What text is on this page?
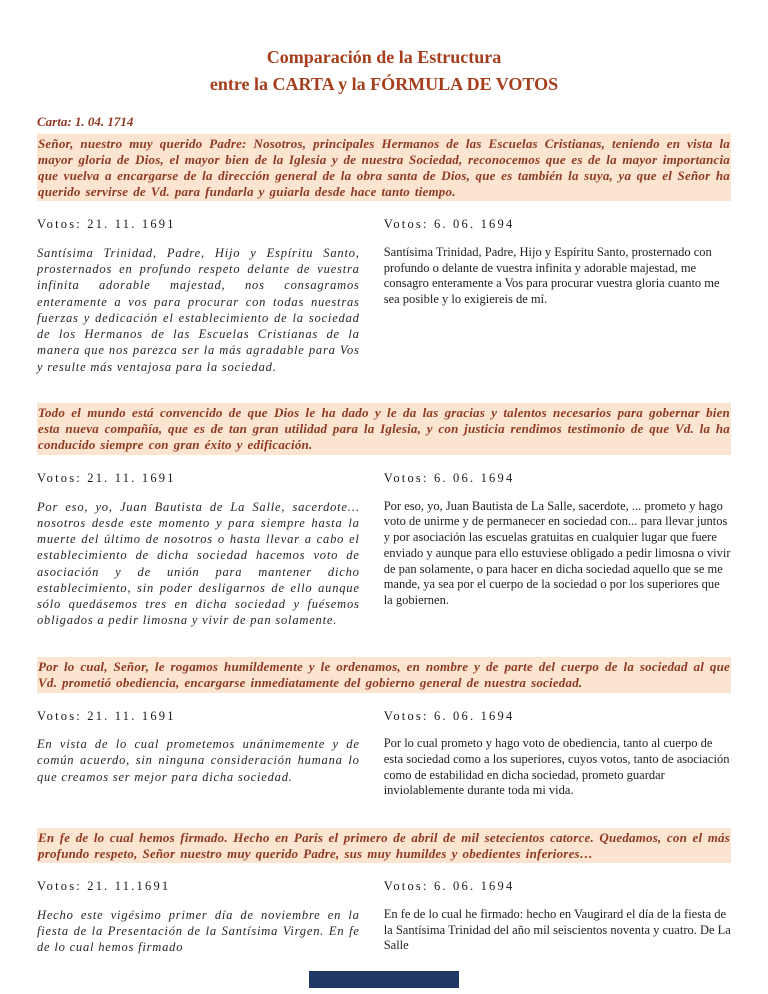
Comparación de la Estructura
entre la CARTA y la FÓRMULA DE VOTOS

Carta: 1. 04. 1714

Señor, nuestro muy querido Padre: Nosotros, principales Hermanos de las Escuelas Cristianas, teniendo en vista la mayor gloria de Dios, el mayor bien de la Iglesia y de nuestra Sociedad, reconocemos que es de la mayor importancia que vuelva a encargarse de la dirección general de la obra santa de Dios, que es también la suya, ya que el Señor ha querido servirse de Vd. para fundarla y guiarla desde hace tanto tiempo.

Votos: 21. 11. 1691

Santísima Trinidad, Padre, Hijo y Espíritu Santo, prosternados en profundo respeto delante de vuestra infinita adorable majestad, nos consagramos enteramente a vos para procurar con todas nuestras fuerzas y dedicación el establecimiento de la sociedad de los Hermanos de las Escuelas Cristianas de la manera que nos parezca ser la más agradable para Vos y resulte más ventajosa para la sociedad.

Votos: 6. 06. 1694

Santísima Trinidad, Padre, Hijo y Espíritu Santo, prosternado con profundo o delante de vuestra infinita y adorable majestad, me consagro enteramente a Vos para procurar vuestra gloria cuanto me sea posible y lo exigiereis de mí.

Todo el mundo está convencido de que Dios le ha dado y le da las gracias y talentos necesarios para gobernar bien esta nueva compañía, que es de tan gran utilidad para la Iglesia, y con justicia rendimos testimonio de que Vd. la ha conducido siempre con gran éxito y edificación.

Votos: 21. 11. 1691

Por eso, yo, Juan Bautista de La Salle, sacerdote… nosotros desde este momento y para siempre hasta la muerte del último de nosotros o hasta llevar a cabo el establecimiento de dicha sociedad hacemos voto de asociación y de unión para mantener dicho establecimiento, sin poder desligarnos de ello aunque sólo quedásemos tres en dicha sociedad y fuésemos obligados a pedir limosna y vivir de pan solamente.

Votos: 6. 06. 1694

Por eso, yo, Juan Bautista de La Salle, sacerdote, ... prometo y hago voto de unirme y de permanecer en sociedad con... para llevar juntos y por asociación las escuelas gratuitas en cualquier lugar que fuere enviado y aunque para ello estuviese obligado a pedir limosna o vivir de pan solamente, o para hacer en dicha sociedad aquello que se me mande, ya sea por el cuerpo de la sociedad o por los superiores que la gobiernen.

Por lo cual, Señor, le rogamos humildemente y le ordenamos, en nombre y de parte del cuerpo de la sociedad al que Vd. prometió obediencia, encargarse inmediatamente del gobierno general de nuestra sociedad.

Votos: 21. 11. 1691

En vista de lo cual prometemos unánimemente y de común acuerdo, sin ninguna consideración humana lo que creamos ser mejor para dicha sociedad.

Votos: 6. 06. 1694

Por lo cual prometo y hago voto de obediencia, tanto al cuerpo de esta sociedad como a los superiores, cuyos votos, tanto de asociación como de estabilidad en dicha sociedad, prometo guardar inviolablemente durante toda mi vida.

En fe de lo cual hemos firmado. Hecho en Paris el primero de abril de mil setecientos catorce. Quedamos, con el más profundo respeto, Señor nuestro muy querido Padre, sus muy humildes y obedientes inferiores…

Votos: 21. 11.1691

Hecho este vigésimo primer día de noviembre en la fiesta de la Presentación de la Santísima Virgen. En fe de lo cual hemos firmado

Votos: 6. 06. 1694

En fe de lo cual he firmado: hecho en Vaugirard el día de la fiesta de la Santísima Trinidad del año mil seiscientos noventa y cuatro. De La Salle
